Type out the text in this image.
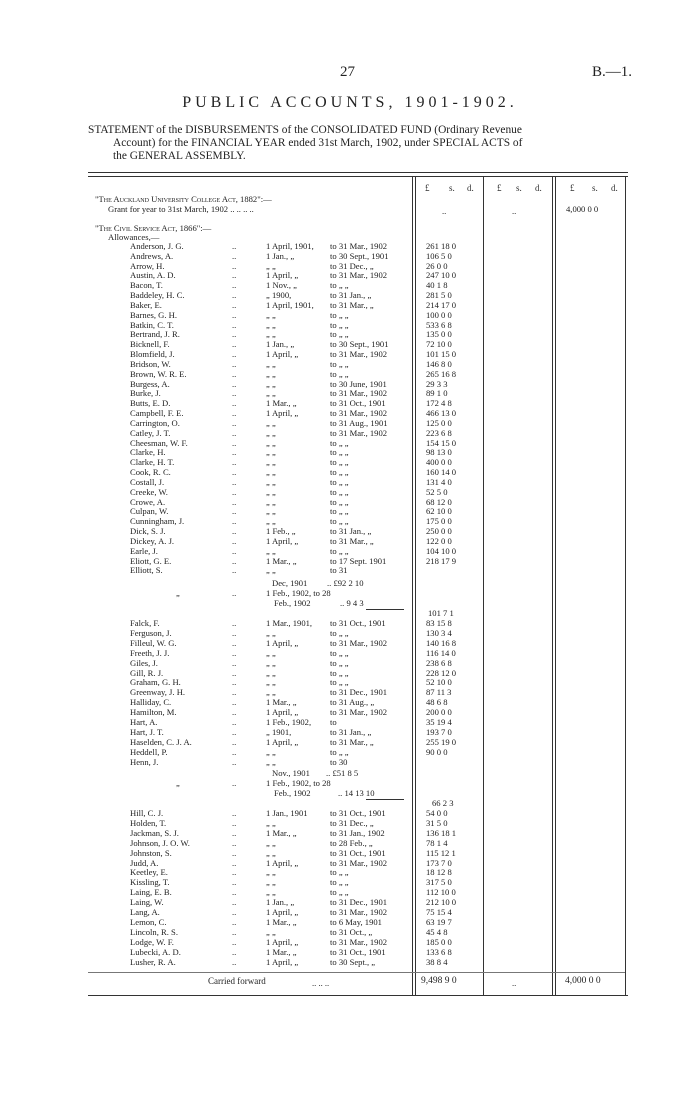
27	B.—1.
PUBLIC ACCOUNTS, 1901-1902.
STATEMENT of the DISBURSEMENTS of the CONSOLIDATED FUND (Ordinary Revenue
Account) for the FINANCIAL YEAR ended 31st March, 1902, under SPECIAL ACTS of
the GENERAL ASSEMBLY.
£ s. d.	£ s. d.	£ s. d.
"The Auckland University College Act, 1882":—
Grant for year to 31st March, 1902 .. .. .. ..	..	..	4,000 0 0
"The Civil Service Act, 1866":—
Allowances,—
Anderson, J. G.	..	1 April, 1901, to 31 Mar., 1902	261 18 0
Andrews, A.	..	1 Jan., „	to 30 Sept., 1901	106 5 0
Arrow, H.	..	„ „	to 31 Dec., „	26 0 0
Austin, A. D.	..	1 April, „	to 31 Mar., 1902	247 10 0
Bacon, T.	..	1 Nov., „	to „ „	40 1 8
Baddeley, H. C.	..	„ 1900,	to 31 Jan., „	281 5 0
Baker, E.	..	1 April, 1901, to 31 Mar., „	214 17 0
Barnes, G. H.	..	„ „	to „ „	100 0 0
Batkin, C. T.	..	„ „	to „ „	533 6 8
Bertrand, J. R.	..	„ „	to „ „	135 0 0
Bicknell, F.	..	1 Jan., „	to 30 Sept., 1901	72 10 0
Blomfield, J.	..	1 April, „	to 31 Mar., 1902	101 15 0
Bridson, W.	..	„ „	to „ „	146 8 0
Brown, W. R. E.	..	„ „	to „ „	265 16 8
Burgess, A.	..	„ „	to 30 June, 1901	29 3 3
Burke, J.	..	„ „	to 31 Mar., 1902	89 1 0
Butts, E. D.	..	1 Mar., „	to 31 Oct., 1901	172 4 8
Campbell, F. E.	..	1 April, „	to 31 Mar., 1902	466 13 0
Carrington, O.	..	„ „	to 31 Aug., 1901	125 0 0
Catley, J. T.	..	„ „	to 31 Mar., 1902	223 6 8
Cheesman, W. F.	..	„ „	to „ „	154 15 0
Clarke, H.	..	„ „	to „ „	98 13 0
Clarke, H. T.	..	„ „	to „ „	400 0 0
Cook, R. C.	..	„ „	to „ „	160 14 0
Costall, J.	..	„ „	to „ „	131 4 0
Creeke, W.	..	„ „	to „ „	52 5 0
Crowe, A.	..	„ „	to „ „	68 12 0
Culpan, W.	..	„ „	to „ „	62 10 0
Cunningham, J.	..	„ „	to „ „	175 0 0
Dick, S. J.	..	1 Feb., „	to 31 Jan., „	250 0 0
Dickey, A. J.	..	1 April, „	to 31 Mar., „	122 0 0
Earle, J.	..	„ „	to „ „	104 10 0
Eliott, G. E.	..	1 Mar., „	to 17 Sept. 1901	218 17 9
Elliott, S.	..	„ „	to 31
Dec, 1901 .. £92 2 10
„	..	1 Feb., 1902, to 28
Feb., 1902	.. 9 4 3
101 7 1
Falck, F.	..	1 Mar., 1901, to 31 Oct., 1901	83 15 8
Ferguson, J.	..	„ „	to „ „	130 3 4
Filleul, W. G.	..	1 April, „	to 31 Mar., 1902	140 16 8
Freeth, J. J.	..	„ „	to „ „	116 14 0
Giles, J.	..	„ „	to „ „	238 6 8
Gill, R. J.	..	„ „	to „ „	228 12 0
Graham, G. H.	..	„ „	to „ „	52 10 0
Greenway, J. H.	..	„ „	to 31 Dec., 1901	87 11 3
Halliday, C.	..	1 Mar., „	to 31 Aug., „	48 6 8
Hamilton, M.	..	1 April, „	to 31 Mar., 1902	200 0 0
Hart, A.	..	1 Feb., 1902, to	35 19 4
Hart, J. T.	..	„ 1901,	to 31 Jan., „	193 7 0
Haselden, C. J. A.	..	1 April, „	to 31 Mar., „	255 19 0
Heddell, P.	..	„ „	to „ „	90 0 0
Henn, J.	..	„ „	to 30
Nov., 1901 .. £51 8 5
„	..	1 Feb., 1902, to 28
Feb., 1902	.. 14 13 10
66 2 3
Hill, C. J.	..	1 Jan., 1901	to 31 Oct., 1901	54 0 0
Holden, T.	..	„ „	to 31 Dec., „	31 5 0
Jackman, S. J.	..	1 Mar., „	to 31 Jan., 1902	136 18 1
Johnson, J. O. W.	..	„ „	to 28 Feb., „	78 1 4
Johnston, S.	..	„ „	to 31 Oct., 1901	115 12 1
Judd, A.	..	1 April, „	to 31 Mar., 1902	173 7 0
Keetley, E.	..	„ „	to „ „	18 12 8
Kissling, T.	..	„ „	to „ „	317 5 0
Laing, E. B.	..	„ „	to „ „	112 10 0
Laing, W.	..	1 Jan., „	to 31 Dec., 1901	212 10 0
Lang, A.	..	1 April, „	to 31 Mar., 1902	75 15 4
Lemon, C.	..	1 Mar., „	to 6 May, 1901	63 19 7
Lincoln, R. S.	..	„ „	to 31 Oct., „	45 4 8
Lodge, W. F.	..	1 April, „	to 31 Mar., 1902	185 0 0
Lubecki, A. D.	..	1 Mar., „	to 31 Oct., 1901	133 6 8
Lusher, R. A.	..	1 April, „	to 30 Sept., „	38 8 4
Carried forward	.. .. ..	9,498 9 0	..	4,000 0 0
